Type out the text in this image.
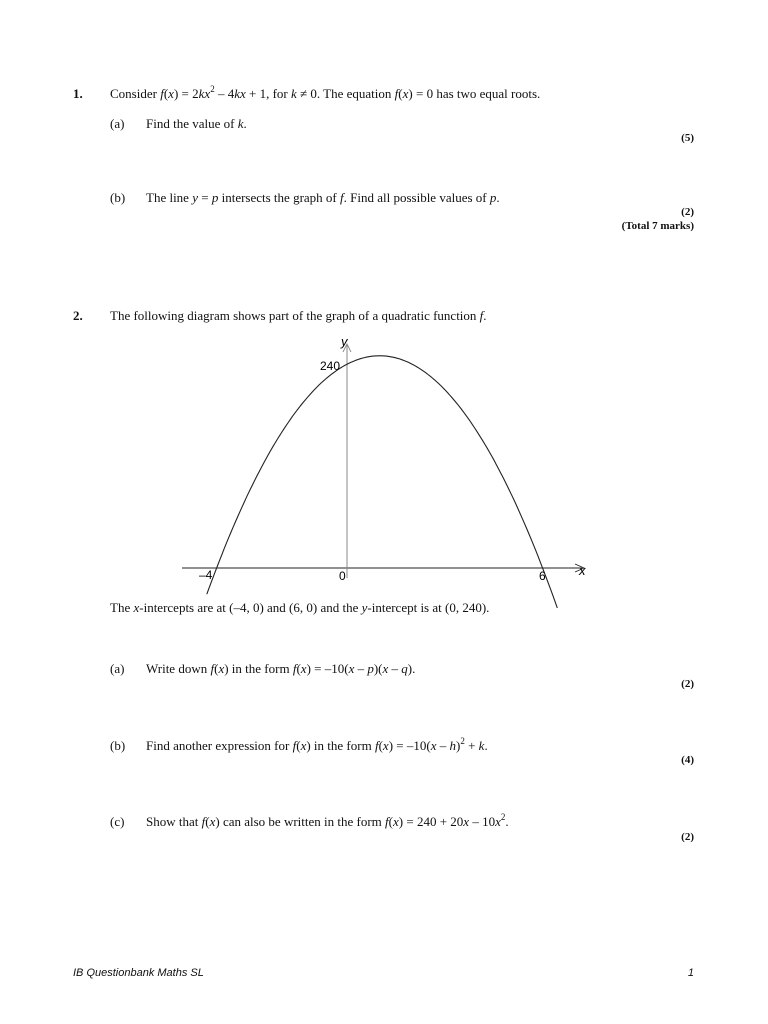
1. Consider $f(x) = 2kx^2 - 4kx + 1$, for k ≠ 0. The equation f(x) = 0 has two equal roots.
(a) Find the value of k.
(5)
(b) The line y = p intersects the graph of f. Find all possible values of p.
(2)
(Total 7 marks)
2. The following diagram shows part of the graph of a quadratic function f.
y
x
240
–4	0	6
The x-intercepts are at (–4, 0) and (6, 0) and the y-intercept is at (0, 240).
(a) Write down f(x) in the form f(x) = –10(x – p)(x – q).
(2)
(b) Find another expression for f(x) in the form f(x) = –10(x – h)$^2$ + k.
(4)
(c) Show that f(x) can also be written in the form $f(x) = 240 + 20x - 10x^2$.
(2)
IB Questionbank Maths SL	1
